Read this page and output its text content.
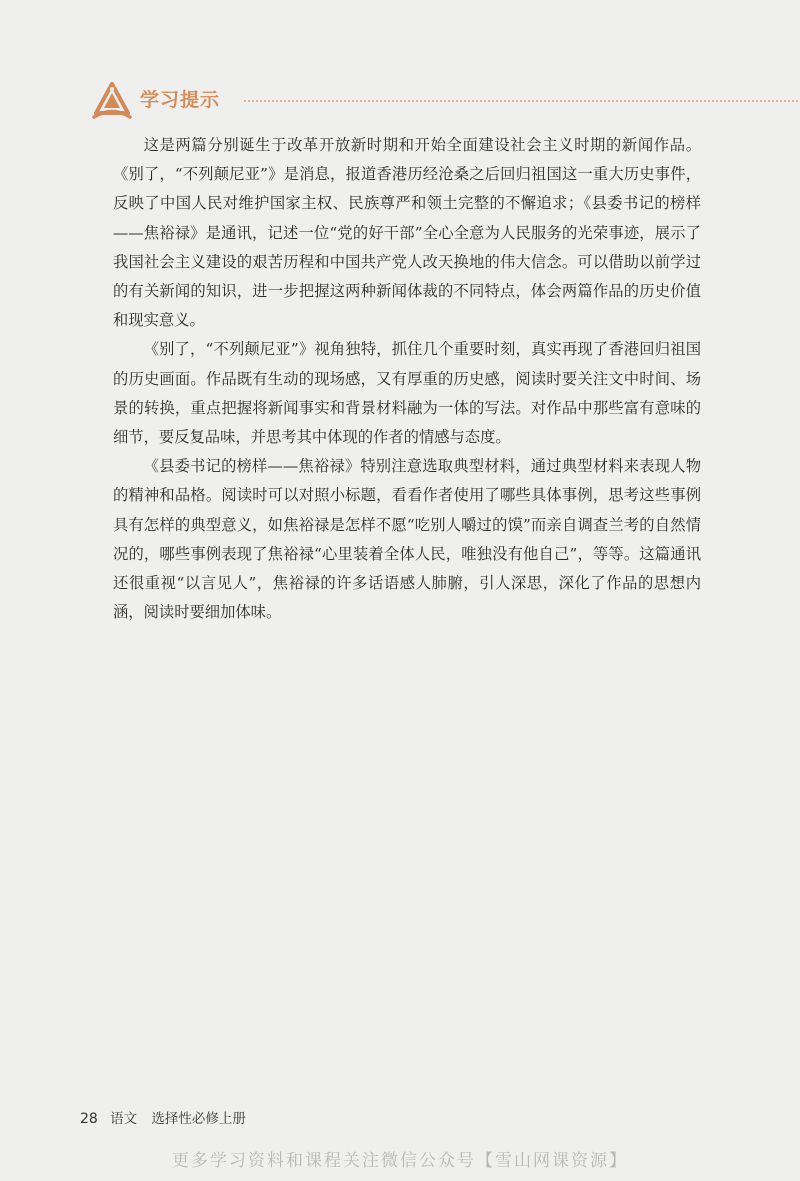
学习提示

这是两篇分别诞生于改革开放新时期和开始全面建设社会主义时期的新闻作品。《别了，“不列颠尼亚”》是消息，报道香港历经沧桑之后回归祖国这一重大历史事件，反映了中国人民对维护国家主权、民族尊严和领土完整的不懈追求；《县委书记的榜样——焦裕禄》是通讯，记述一位“党的好干部”全心全意为人民服务的光荣事迹，展示了我国社会主义建设的艰苦历程和中国共产党人改天换地的伟大信念。可以借助以前学过的有关新闻的知识，进一步把握这两种新闻体裁的不同特点，体会两篇作品的历史价值和现实意义。

《别了，“不列颠尼亚”》视角独特，抓住几个重要时刻，真实再现了香港回归祖国的历史画面。作品既有生动的现场感，又有厚重的历史感，阅读时要关注文中时间、场景的转换，重点把握将新闻事实和背景材料融为一体的写法。对作品中那些富有意味的细节，要反复品味，并思考其中体现的作者的情感与态度。

《县委书记的榜样——焦裕禄》特别注意选取典型材料，通过典型材料来表现人物的精神和品格。阅读时可以对照小标题，看看作者使用了哪些具体事例，思考这些事例具有怎样的典型意义，如焦裕禄是怎样不愿“吃别人嚼过的馍”而亲自调查兰考的自然情况的，哪些事例表现了焦裕禄“心里装着全体人民，唯独没有他自己”，等等。这篇通讯还很重视“以言见人”，焦裕禄的许多话语感人肺腑，引人深思，深化了作品的思想内涵，阅读时要细加体味。

28 语文 选择性必修上册
更多学习资料和课程关注微信公众号【雪山网课资源】
